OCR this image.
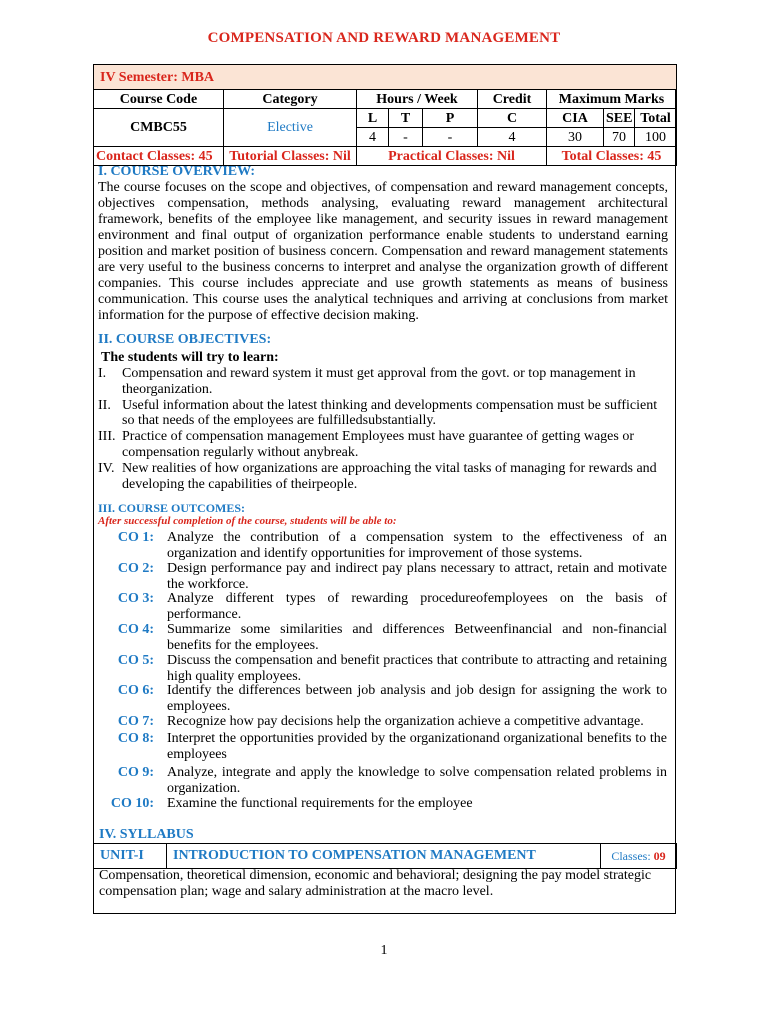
COMPENSATION AND REWARD MANAGEMENT
IV Semester: MBA								
Course Code	Category	Hours / Week			Credit	Maximum Marks		
CMBC55	Elective	L	T	P	C	CIA	SEE	Total
		4	-	-	4	30	70	100
Contact Classes: 45	Tutorial Classes: Nil	Practical Classes: Nil				Total Classes: 45		
I. COURSE OVERVIEW:
The course focuses on the scope and objectives, of compensation and reward management concepts, objectives compensation, methods analysing, evaluating reward management architectural framework, benefits of the employee like management, and security issues in reward management environment and final output of organization performance enable students to understand earning position and market position of business concern. Compensation and reward management statements are very useful to the business concerns to interpret and analyse the organization growth of different companies. This course includes appreciate and use growth statements as means of business communication. This course uses the analytical techniques and arriving at conclusions from market information for the purpose of effective decision making.
II. COURSE OBJECTIVES:
The students will try to learn:
I. Compensation and reward system it must get approval from the govt. or top management in theorganization.
II. Useful information about the latest thinking and developments compensation must be sufficient so that needs of the employees are fulfilledsubstantially.
III. Practice of compensation management Employees must have guarantee of getting wages or compensation regularly without anybreak.
IV. New realities of how organizations are approaching the vital tasks of managing for rewards and developing the capabilities of theirpeople.
III. COURSE OUTCOMES:
After successful completion of the course, students will be able to:
CO 1: Analyze the contribution of a compensation system to the effectiveness of an organization and identify opportunities for improvement of those systems.
CO 2: Design performance pay and indirect pay plans necessary to attract, retain and motivate the workforce.
CO 3: Analyze different types of rewarding procedureofemployees on the basis of performance.
CO 4: Summarize some similarities and differences Betweenfinancial and non-financial benefits for the employees.
CO 5: Discuss the compensation and benefit practices that contribute to attracting and retaining high quality employees.
CO 6: Identify the differences between job analysis and job design for assigning the work to employees.
CO 7: Recognize how pay decisions help the organization achieve a competitive advantage.
CO 8: Interpret the opportunities provided by the organizationand organizational benefits to the employees
CO 9: Analyze, integrate and apply the knowledge to solve compensation related problems in organization.
CO 10: Examine the functional requirements for the employee
IV. SYLLABUS
UNIT-I	INTRODUCTION TO COMPENSATION MANAGEMENT	Classes: 09
Compensation, theoretical dimension, economic and behavioral; designing the pay model strategic compensation plan; wage and salary administration at the macro level.
1
